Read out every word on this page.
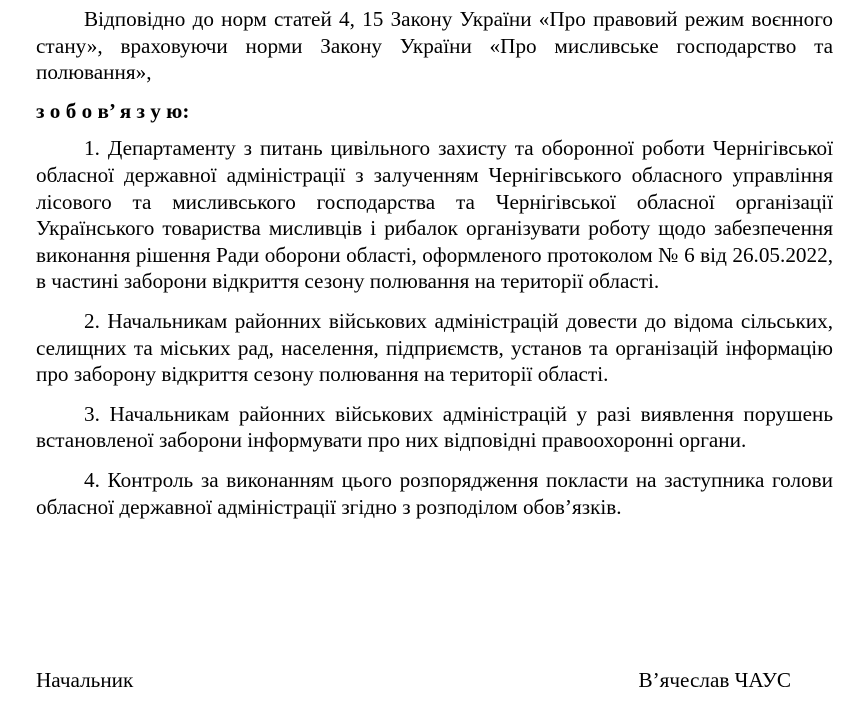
Відповідно до норм статей 4, 15 Закону України «Про правовий режим воєнного стану», враховуючи норми Закону України «Про мисливське господарство та полювання»,

з о б о в’ я з у ю:

1. Департаменту з питань цивільного захисту та оборонної роботи Чернігівської обласної державної адміністрації з залученням Чернігівського обласного управління лісового та мисливського господарства та Чернігівської обласної організації Українського товариства мисливців і рибалок організувати роботу щодо забезпечення виконання рішення Ради оборони області, оформленого протоколом № 6 від 26.05.2022, в частині заборони відкриття сезону полювання на території області.

2. Начальникам районних військових адміністрацій довести до відома сільських, селищних та міських рад, населення, підприємств, установ та організацій інформацію про заборону відкриття сезону полювання на території області.

3. Начальникам районних військових адміністрацій у разі виявлення порушень встановленої заборони інформувати про них відповідні правоохоронні органи.

4. Контроль за виконанням цього розпорядження покласти на заступника голови обласної державної адміністрації згідно з розподілом обов’язків.

Начальник	В’ячеслав ЧАУС
